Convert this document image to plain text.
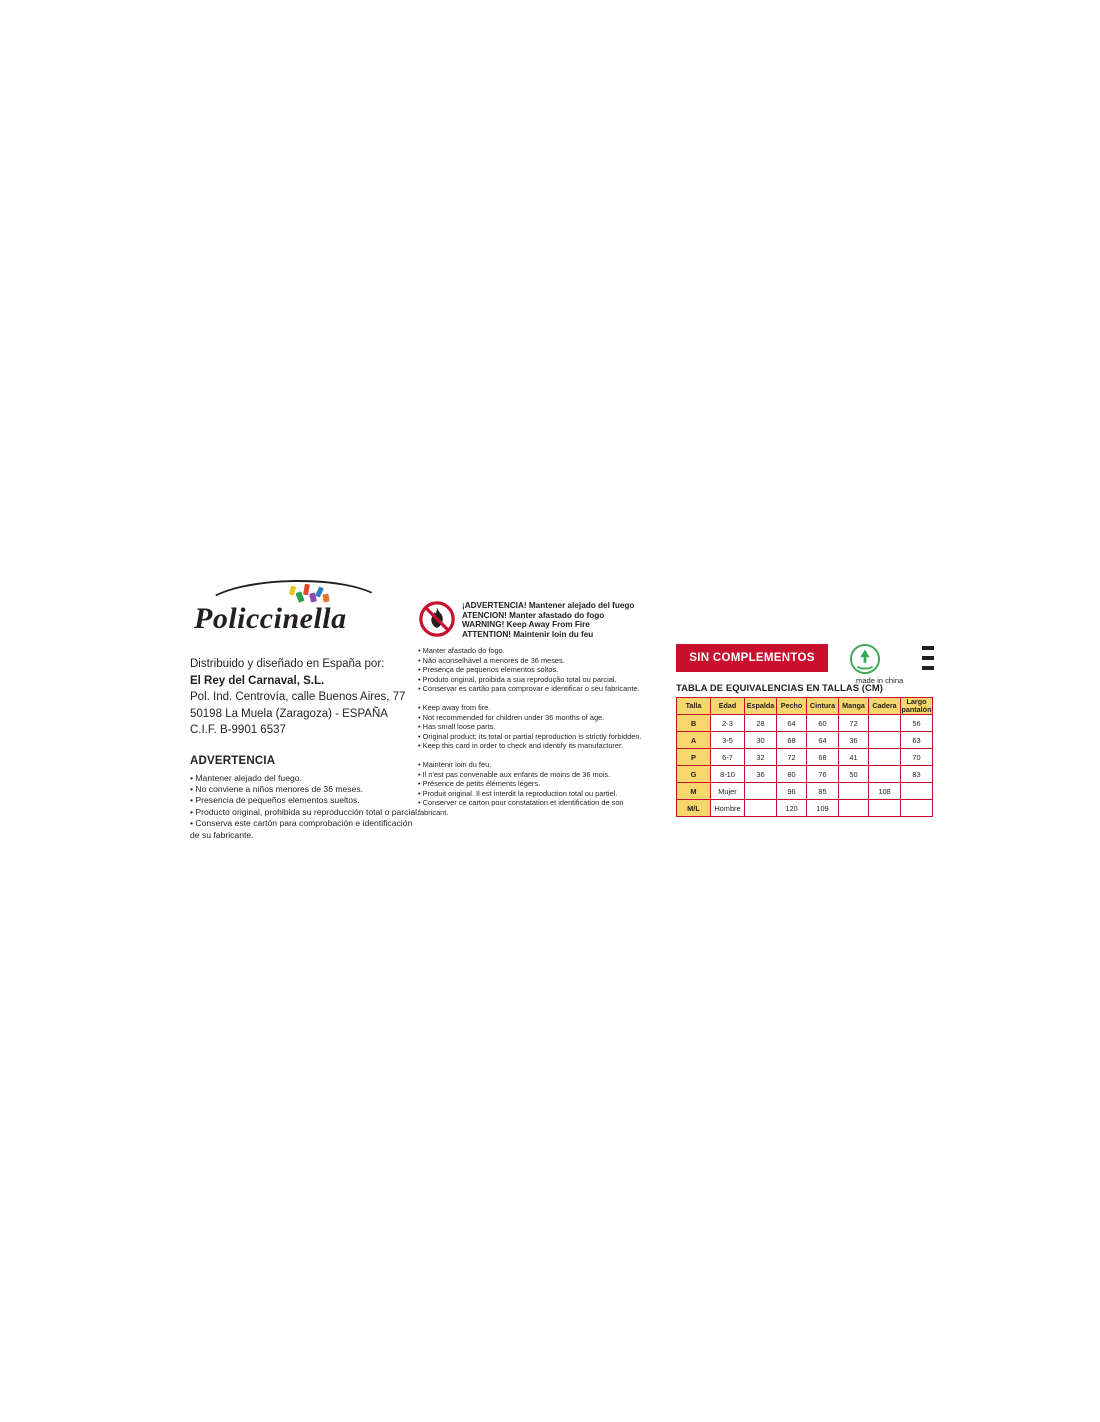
Policcinella
Distribuido y diseñado en España por:
El Rey del Carnaval, S.L.
Pol. Ind. Centrovía, calle Buenos Aires, 77
50198 La Muela (Zaragoza) - ESPAÑA
C.I.F. B-9901 6537
ADVERTENCIA
• Mantener alejado del fuego.
• No conviene a niños menores de 36 meses.
• Presencia de pequeños elementos sueltos.
• Producto original, prohibida su reproducción total o parcial.
• Conserva este cartón para comprobación e identificación
de su fabricante.
¡ADVERTENCIA! Mantener alejado del fuego
ATENCION! Manter afastado do fogo
WARNING! Keep Away From Fire
ATTENTION! Maintenir loin du feu
• Manter afastado do fogo.
• Não aconselhável a menores de 36 meses.
• Presença de pequenos elementos soltos.
• Produto original, proibida a sua reprodução total ou parcial.
• Conservar es cartão para comprovar e identificar o seu fabricante.
• Keep away from fire.
• Not recommended for children under 36 months of age.
• Has small loose parts.
• Original product; its total or partial reproduction is strictly forbidden.
• Keep this card in order to check and identify its manufacturer.
• Maintenir loin du feu.
• Il n'est pas convenable aux enfants de moins de 36 mois.
• Présence de petits éléments légers.
• Produit original. Il est interdit la reproduction total ou partiel.
• Conserver ce carton pour constatation et identification de son
fabricant.
SIN COMPLEMENTOS
made in china
TABLA DE EQUIVALENCIAS EN TALLAS (CM)
Talla	Edad	Espalda	Pecho	Cintura	Manga	Cadera	Largo pantalón
B	2-3	28	64	60	72		56
A	3-5	30	68	64	36		63
P	6-7	32	72	68	41		70
G	8-10	36	80	76	50		83
M	Mujer		96	85		108	
M/L	Hombre		120	109			
